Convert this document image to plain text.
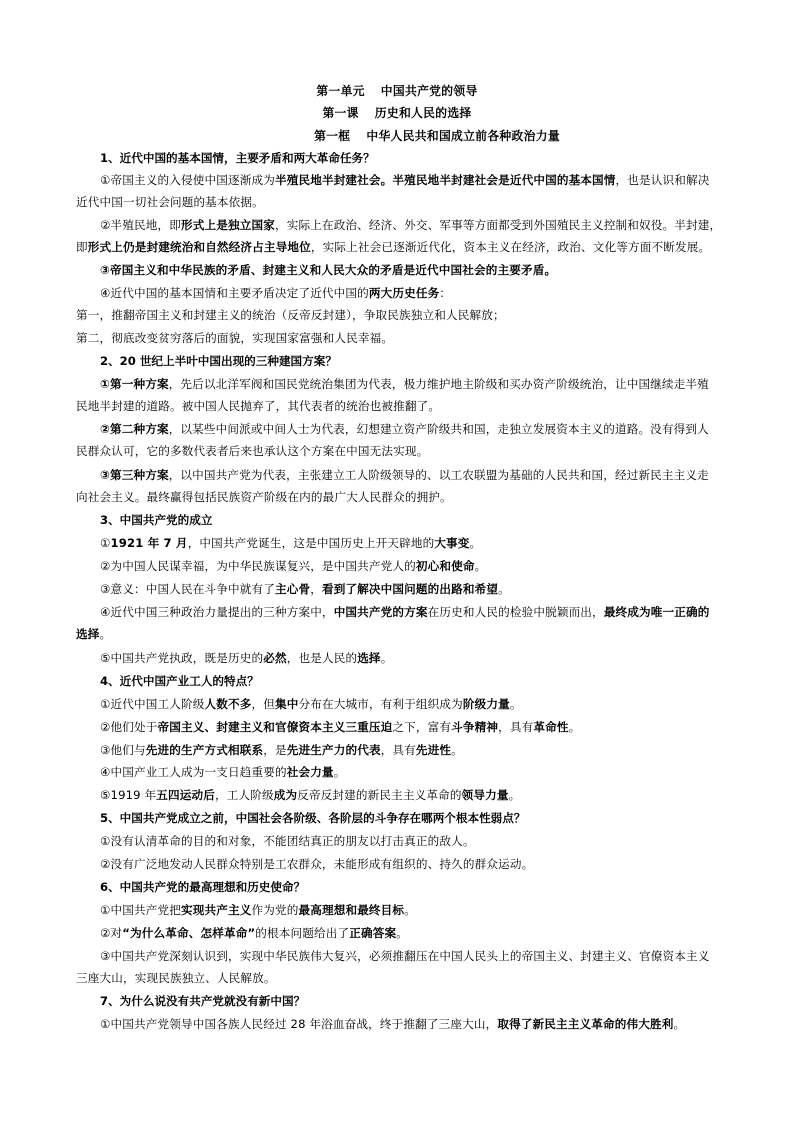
第一单元 中国共产党的领导
第一课 历史和人民的选择
第一框 中华人民共和国成立前各种政治力量
1、近代中国的基本国情，主要矛盾和两大革命任务？
①帝国主义的入侵使中国逐渐成为半殖民地半封建社会。半殖民地半封建社会是近代中国的基本国情，也是认识和解决
近代中国一切社会问题的基本依据。
②半殖民地，即形式上是独立国家，实际上在政治、经济、外交、军事等方面都受到外国殖民主义控制和奴役。半封建，
即形式上仍是封建统治和自然经济占主导地位，实际上社会已逐渐近代化，资本主义在经济，政治、文化等方面不断发展。
③帝国主义和中华民族的矛盾、封建主义和人民大众的矛盾是近代中国社会的主要矛盾。
④近代中国的基本国情和主要矛盾决定了近代中国的两大历史任务：
第一，推翻帝国主义和封建主义的统治（反帝反封建），争取民族独立和人民解放；
第二，彻底改变贫穷落后的面貌，实现国家富强和人民幸福。
2、20 世纪上半叶中国出现的三种建国方案？
①第一种方案，先后以北洋军阀和国民党统治集团为代表，极力维护地主阶级和买办资产阶级统治，让中国继续走半殖
民地半封建的道路。被中国人民抛弃了，其代表者的统治也被推翻了。
②第二种方案，以某些中间派或中间人士为代表，幻想建立资产阶级共和国，走独立发展资本主义的道路。没有得到人
民群众认可，它的多数代表者后来也承认这个方案在中国无法实现。
③第三种方案，以中国共产党为代表，主张建立工人阶级领导的、以工农联盟为基础的人民共和国，经过新民主主义走
向社会主义。最终赢得包括民族资产阶级在内的最广大人民群众的拥护。
3、中国共产党的成立
①1921 年 7 月，中国共产党诞生，这是中国历史上开天辟地的大事变。
②为中国人民谋幸福，为中华民族谋复兴，是中国共产党人的初心和使命。
③意义：中国人民在斗争中就有了主心骨，看到了解决中国问题的出路和希望。
④近代中国三种政治力量提出的三种方案中，中国共产党的方案在历史和人民的检验中脱颖而出，最终成为唯一正确的
选择。
⑤中国共产党执政，既是历史的必然，也是人民的选择。
4、近代中国产业工人的特点？
①近代中国工人阶级人数不多，但集中分布在大城市，有利于组织成为阶级力量。
②他们处于帝国主义、封建主义和官僚资本主义三重压迫之下，富有斗争精神，具有革命性。
③他们与先进的生产方式相联系，是先进生产力的代表，具有先进性。
④中国产业工人成为一支日趋重要的社会力量。
⑤1919 年五四运动后，工人阶级成为反帝反封建的新民主主义革命的领导力量。
5、中国共产党成立之前，中国社会各阶级、各阶层的斗争存在哪两个根本性弱点？
①没有认清革命的目的和对象，不能团结真正的朋友以打击真正的敌人。
②没有广泛地发动人民群众特别是工农群众，未能形成有组织的、持久的群众运动。
6、中国共产党的最高理想和历史使命？
①中国共产党把实现共产主义作为党的最高理想和最终目标。
②对“为什么革命、怎样革命”的根本问题给出了正确答案。
③中国共产党深刻认识到，实现中华民族伟大复兴，必须推翻压在中国人民头上的帝国主义、封建主义、官僚资本主义
三座大山，实现民族独立、人民解放。
7、为什么说没有共产党就没有新中国？
①中国共产党领导中国各族人民经过 28 年浴血奋战，终于推翻了三座大山，取得了新民主主义革命的伟大胜利。
